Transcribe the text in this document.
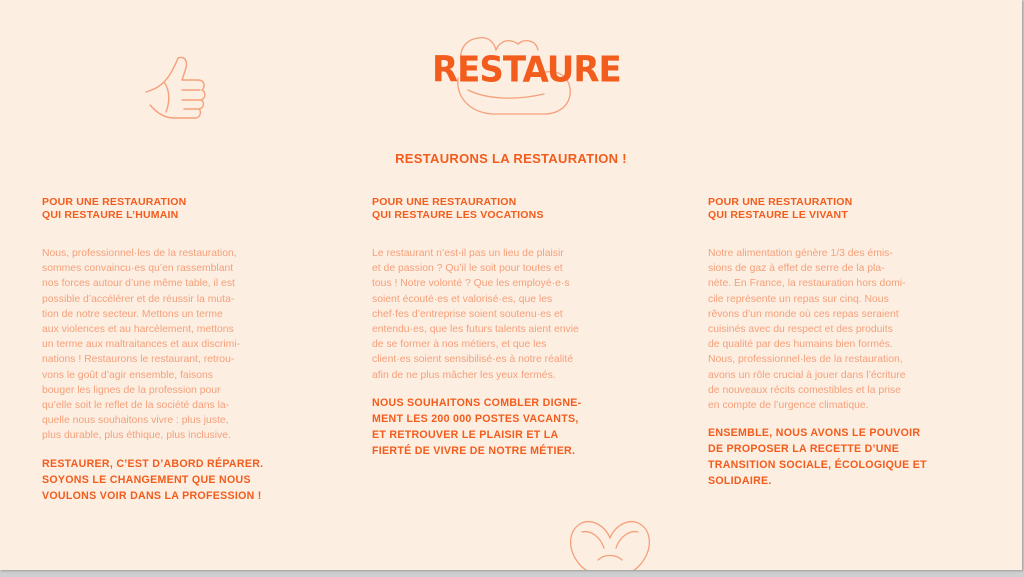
RESTAURE
RESTAURONS LA RESTAURATION !
POUR UNE RESTAURATION
QUI RESTAURE L’HUMAIN

Nous, professionnel·les de la restauration,
sommes convaincu·es qu’en rassemblant
nos forces autour d’une même table, il est
possible d’accélérer et de réussir la muta-
tion de notre secteur. Mettons un terme
aux violences et au harcèlement, mettons
un terme aux maltraitances et aux discrimi-
nations ! Restaurons le restaurant, retrou-
vons le goût d’agir ensemble, faisons
bouger les lignes de la profession pour
qu’elle soit le reflet de la société dans la-
quelle nous souhaitons vivre : plus juste,
plus durable, plus éthique, plus inclusive.

RESTAURER, C’EST D’ABORD RÉPARER.
SOYONS LE CHANGEMENT QUE NOUS
VOULONS VOIR DANS LA PROFESSION !

POUR UNE RESTAURATION
QUI RESTAURE LES VOCATIONS

Le restaurant n’est-il pas un lieu de plaisir
et de passion ? Qu’il le soit pour toutes et
tous ! Notre volonté ? Que les employé·e·s
soient écouté·es et valorisé·es, que les
chef·fes d’entreprise soient soutenu·es et
entendu·es, que les futurs talents aient envie
de se former à nos métiers, et que les
client·es soient sensibilisé·es à notre réalité
afin de ne plus mâcher les yeux fermés.

NOUS SOUHAITONS COMBLER DIGNE-
MENT LES 200 000 POSTES VACANTS,
ET RETROUVER LE PLAISIR ET LA
FIERTÉ DE VIVRE DE NOTRE MÉTIER.

POUR UNE RESTAURATION
QUI RESTAURE LE VIVANT

Notre alimentation génère 1/3 des émis-
sions de gaz à effet de serre de la pla-
nète. En France, la restauration hors domi-
cile représente un repas sur cinq. Nous
rêvons d’un monde où ces repas seraient
cuisinés avec du respect et des produits
de qualité par des humains bien formés.
Nous, professionnel·les de la restauration,
avons un rôle crucial à jouer dans l’écriture
de nouveaux récits comestibles et la prise
en compte de l’urgence climatique.

ENSEMBLE, NOUS AVONS LE POUVOIR
DE PROPOSER LA RECETTE D’UNE
TRANSITION SOCIALE, ÉCOLOGIQUE ET
SOLIDAIRE.
